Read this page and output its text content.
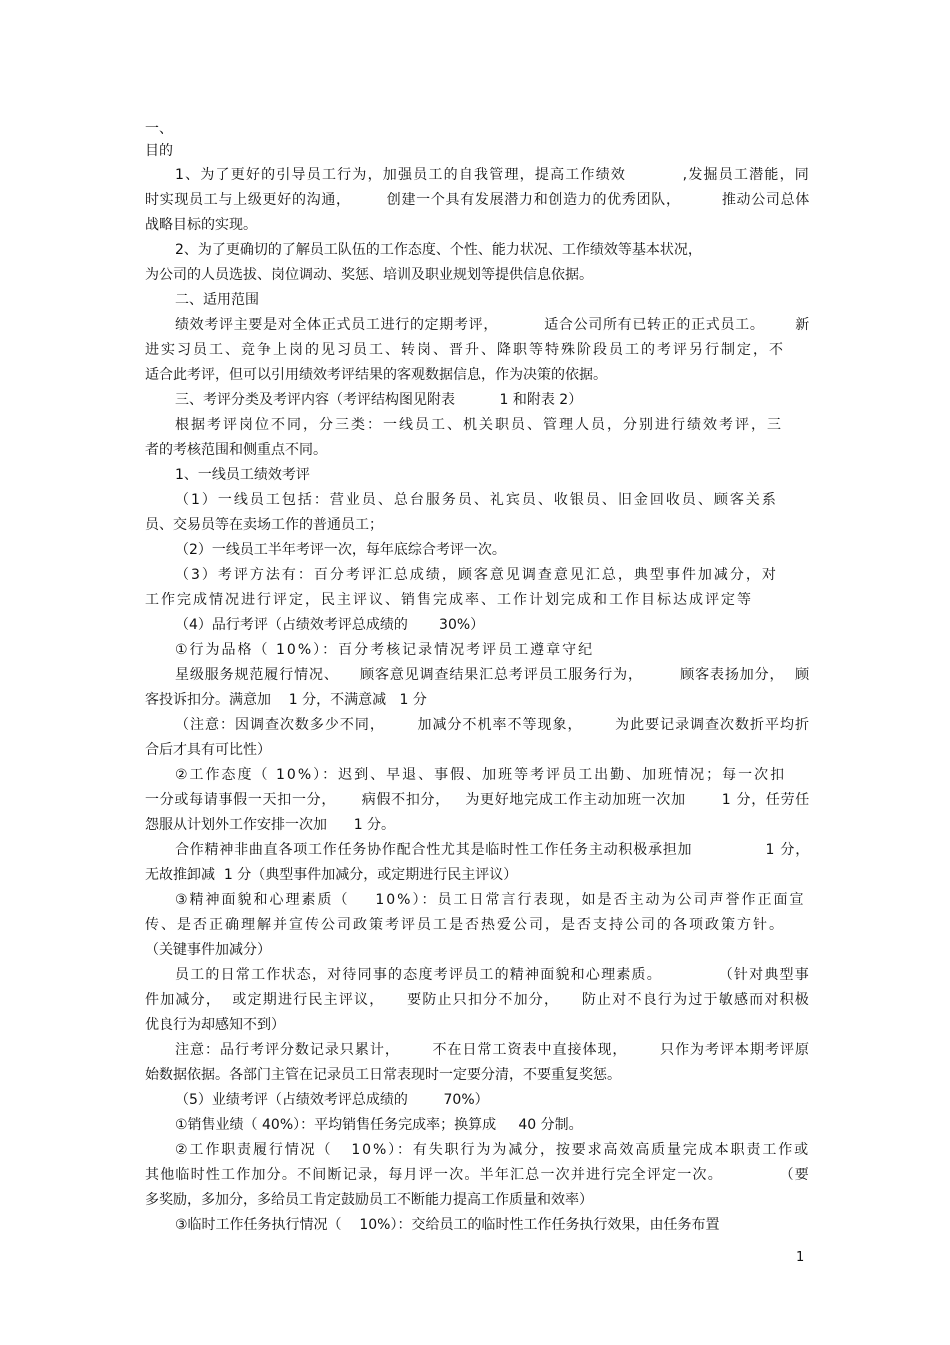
一、
目的
1、为了更好的引导员工行为，加强员工的自我管理，提高工作绩效          ,发掘员工潜能，同
时实现员工与上级更好的沟通，       创建一个具有发展潜力和创造力的优秀团队，        推动公司总体
战略目标的实现。
2、为了更确切的了解员工队伍的工作态度、个性、能力状况、工作绩效等基本状况，
为公司的人员选拔、岗位调动、奖惩、培训及职业规划等提供信息依据。
二、适用范围
绩效考评主要是对全体正式员工进行的定期考评，         适合公司所有已转正的正式员工。      新
进实习员工、竞争上岗的见习员工、转岗、晋升、降职等特殊阶段员工的考评另行制定，不
适合此考评，但可以引用绩效考评结果的客观数据信息，作为决策的依据。
三、考评分类及考评内容（考评结构图见附表          1 和附表 2）
根据考评岗位不同，分三类：一线员工、机关职员、管理人员，分别进行绩效考评，三
者的考核范围和侧重点不同。
1、一线员工绩效考评
（1）一线员工包括：营业员、总台服务员、礼宾员、收银员、旧金回收员、顾客关系
员、交易员等在卖场工作的普通员工；
（2）一线员工半年考评一次，每年底综合考评一次。
（3）考评方法有：百分考评汇总成绩，顾客意见调查意见汇总，典型事件加减分，对
工作完成情况进行评定，民主评议、销售完成率、工作计划完成和工作目标达成评定等
（4）品行考评（占绩效考评总成绩的       30%）
①行为品格（ 10%）：百分考核记录情况考评员工遵章守纪
星级服务规范履行情况、    顾客意见调查结果汇总考评员工服务行为，       顾客表扬加分，  顾
客投诉扣分。满意加    1 分，不满意减   1 分
（注意：因调查次数多少不同，      加减分不机率不等现象，      为此要记录调查次数折平均折
合后才具有可比性）
②工作态度（ 10%）：迟到、早退、事假、加班等考评员工出勤、加班情况；每一次扣
一分或每请事假一天扣一分，     病假不扣分，   为更好地完成工作主动加班一次加       1 分，任劳任
怨服从计划外工作安排一次加      1 分。
合作精神非曲直各项工作任务协作配合性尤其是临时性工作任务主动积极承担加              1 分，
无故推卸减  1 分（典型事件加减分，或定期进行民主评议）
③精神面貌和心理素质（    10%）：员工日常言行表现，如是否主动为公司声誉作正面宣
传、是否正确理解并宣传公司政策考评员工是否热爱公司，是否支持公司的各项政策方针。
（关键事件加减分）
员工的日常工作状态，对待同事的态度考评员工的精神面貌和心理素质。          （针对典型事
件加减分，  或定期进行民主评议，    要防止只扣分不加分，    防止对不良行为过于敏感而对积极
优良行为却感知不到）
注意：品行考评分数记录只累计，      不在日常工资表中直接体现，      只作为考评本期考评原
始数据依据。各部门主管在记录员工日常表现时一定要分清，不要重复奖惩。
（5）业绩考评（占绩效考评总成绩的        70%）
①销售业绩（ 40%）：平均销售任务完成率；换算成     40 分制。
②工作职责履行情况（   10%）：有失职行为为减分，按要求高效高质量完成本职责工作或
其他临时性工作加分。不间断记录，每月评一次。半年汇总一次并进行完全评定一次。          （要
多奖励，多加分，多给员工肯定鼓励员工不断能力提高工作质量和效率）
③临时工作任务执行情况（    10%）：交给员工的临时性工作任务执行效果，由任务布置
1
